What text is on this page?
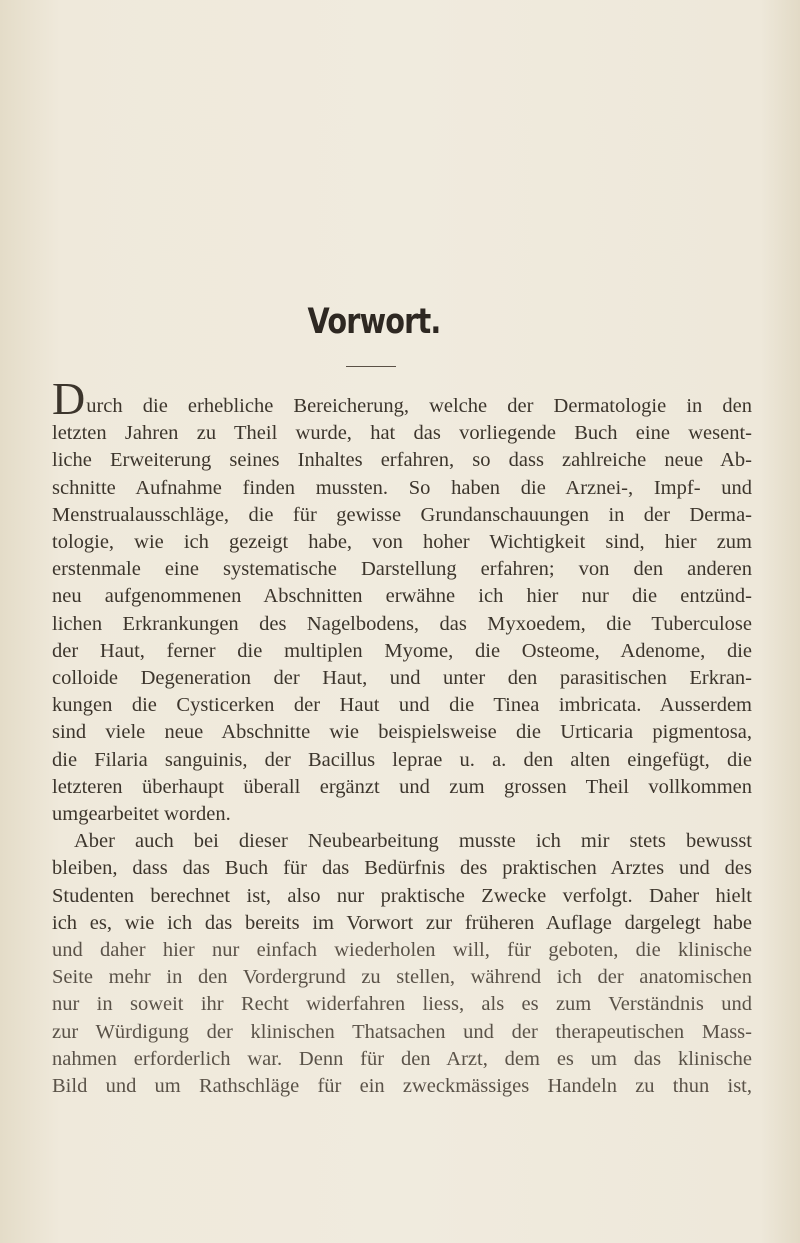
Vorwort.

Durch die erhebliche Bereicherung, welche der Dermatologie in den
letzten Jahren zu Theil wurde, hat das vorliegende Buch eine wesent-
liche Erweiterung seines Inhaltes erfahren, so dass zahlreiche neue Ab-
schnitte Aufnahme finden mussten. So haben die Arznei-, Impf- und
Menstrualausschläge, die für gewisse Grundanschauungen in der Derma-
tologie, wie ich gezeigt habe, von hoher Wichtigkeit sind, hier zum
erstenmale eine systematische Darstellung erfahren; von den anderen
neu aufgenommenen Abschnitten erwähne ich hier nur die entzünd-
lichen Erkrankungen des Nagelbodens, das Myxoedem, die Tuberculose
der Haut, ferner die multiplen Myome, die Osteome, Adenome, die
colloide Degeneration der Haut, und unter den parasitischen Erkran-
kungen die Cysticerken der Haut und die Tinea imbricata. Ausserdem
sind viele neue Abschnitte wie beispielsweise die Urticaria pigmentosa,
die Filaria sanguinis, der Bacillus leprae u. a. den alten eingefügt, die
letzteren überhaupt überall ergänzt und zum grossen Theil vollkommen
umgearbeitet worden.

Aber auch bei dieser Neubearbeitung musste ich mir stets bewusst
bleiben, dass das Buch für das Bedürfnis des praktischen Arztes und des
Studenten berechnet ist, also nur praktische Zwecke verfolgt. Daher hielt
ich es, wie ich das bereits im Vorwort zur früheren Auflage dargelegt habe
und daher hier nur einfach wiederholen will, für geboten, die klinische
Seite mehr in den Vordergrund zu stellen, während ich der anatomischen
nur in soweit ihr Recht widerfahren liess, als es zum Verständnis und
zur Würdigung der klinischen Thatsachen und der therapeutischen Mass-
nahmen erforderlich war. Denn für den Arzt, dem es um das klinische
Bild und um Rathschläge für ein zweckmässiges Handeln zu thun ist,
